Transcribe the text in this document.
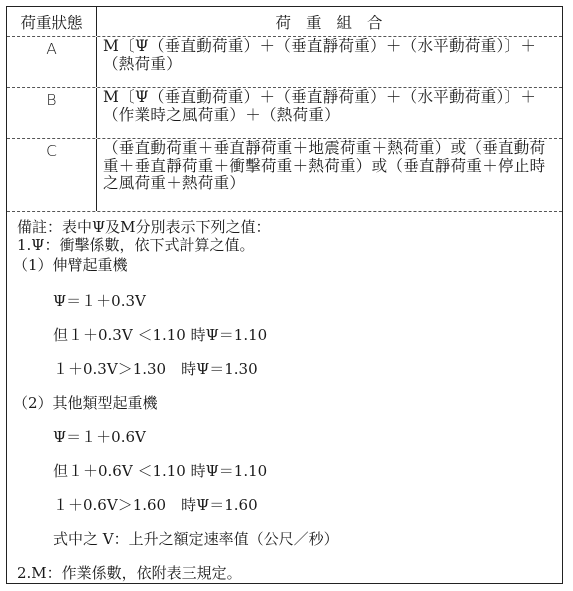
荷重狀態	荷重組合
A	M〔Ψ（垂直動荷重）＋（垂直靜荷重）＋（水平動荷重）〕＋（熱荷重）
B	M〔Ψ（垂直動荷重）＋（垂直靜荷重）＋（水平動荷重）〕＋（作業時之風荷重）＋（熱荷重）
C	（垂直動荷重＋垂直靜荷重＋地震荷重＋熱荷重）或（垂直動荷重＋垂直靜荷重＋衝擊荷重＋熱荷重）或（垂直靜荷重＋停止時之風荷重＋熱荷重）
備註：表中Ψ及M分別表示下列之值：
1.Ψ：衝擊係數，依下式計算之值。
（1）伸臂起重機
Ψ＝１＋0.3V
但１＋0.3V ＜1.10 時Ψ＝1.10
１＋0.3V＞1.30　時Ψ＝1.30
（2）其他類型起重機
Ψ＝１＋0.6V
但１＋0.6V ＜1.10 時Ψ＝1.10
１＋0.6V＞1.60　時Ψ＝1.60
式中之 V：上升之額定速率值（公尺／秒）
2.M：作業係數，依附表三規定。
